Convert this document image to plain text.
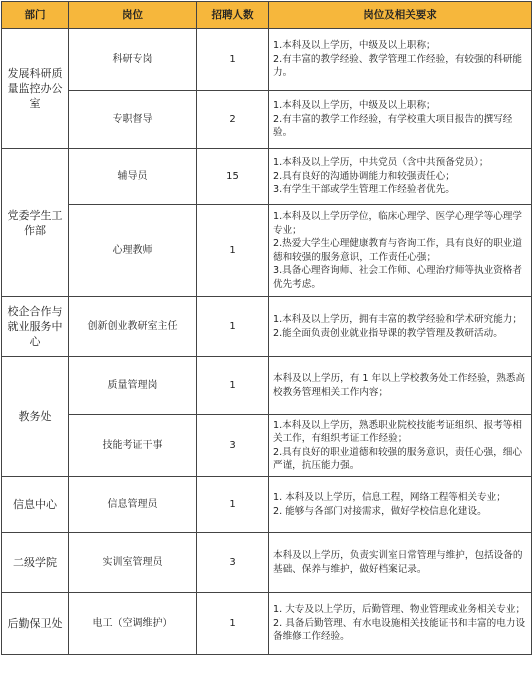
部门	岗位	招聘人数	岗位及相关要求
发展科研质量监控办公室	科研专岗	1	1.本科及以上学历，中级及以上职称；
2.有丰富的教学经验、教学管理工作经验，有较强的科研能力。

	专职督导	2	1.本科及以上学历，中级及以上职称；
2.有丰富的教学工作经验，有学校重大项目报告的撰写经验。

党委学生工作部	辅导员	15	1.本科及以上学历，中共党员（含中共预备党员）；
2.具有良好的沟通协调能力和较强责任心；
3.有学生干部或学生管理工作经验者优先。

	心理教师	1	1.本科及以上学历学位，临床心理学、医学心理学等心理学专业；
2.热爱大学生心理健康教育与咨询工作，具有良好的职业道德和较强的服务意识，工作责任心强；
3.具备心理咨询师、社会工作师、心理治疗师等执业资格者优先考虑。

校企合作与就业服务中心	创新创业教研室主任	1	1.本科及以上学历，拥有丰富的教学经验和学术研究能力；
2.能全面负责创业就业指导课的教学管理及教研活动。

教务处	质量管理岗	1	本科及以上学历，有 1 年以上学校教务处工作经验，熟悉高校教务管理相关工作内容；

	技能考证干事	3	1.本科及以上学历，熟悉职业院校技能考证组织、报考等相关工作，有组织考证工作经验；
2.具有良好的职业道德和较强的服务意识，责任心强，细心严谨，抗压能力强。

信息中心	信息管理员	1	1. 本科及以上学历，信息工程，网络工程等相关专业；
2. 能够与各部门对接需求，做好学校信息化建设。

二级学院	实训室管理员	3	本科及以上学历，负责实训室日常管理与维护，包括设备的基础、保养与维护，做好档案记录。

后勤保卫处	电工（空调维护）	1	1. 大专及以上学历，后勤管理、物业管理或业务相关专业；
2. 具备后勤管理、有水电设施相关技能证书和丰富的电力设备维修工作经验。
